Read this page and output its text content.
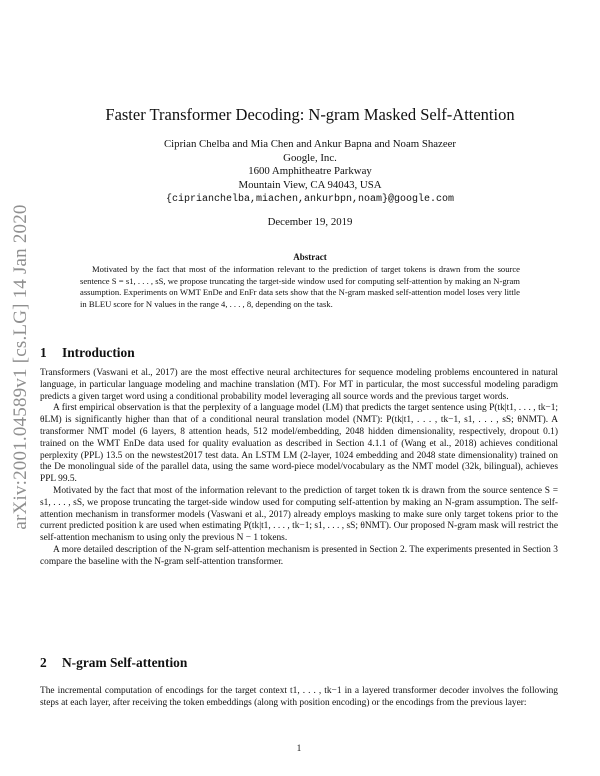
arXiv:2001.04589v1 [cs.LG] 14 Jan 2020
Faster Transformer Decoding: N-gram Masked Self-Attention
Ciprian Chelba and Mia Chen and Ankur Bapna and Noam Shazeer
Google, Inc.
1600 Amphitheatre Parkway
Mountain View, CA 94043, USA
{ciprianchelba,miachen,ankurbpn,noam}@google.com
December 19, 2019
Abstract
Motivated by the fact that most of the information relevant to the prediction of target tokens is drawn from the source sentence S = s1, . . . , sS, we propose truncating the target-side window used for computing self-attention by making an N-gram assumption. Experiments on WMT EnDe and EnFr data sets show that the N-gram masked self-attention model loses very little in BLEU score for N values in the range 4, . . . , 8, depending on the task.
1 Introduction

Transformers (Vaswani et al., 2017) are the most effective neural architectures for sequence modeling problems encountered in natural language, in particular language modeling and machine translation (MT). For MT in particular, the most successful modeling paradigm predicts a given target word using a conditional probability model leveraging all source words and the previous target words.

A first empirical observation is that the perplexity of a language model (LM) that predicts the target sentence using P(tk|t1, . . . , tk−1; θLM) is significantly higher than that of a conditional neural translation model (NMT): P(tk|t1, . . . , tk−1, s1, . . . , sS; θNMT). A transformer NMT model (6 layers, 8 attention heads, 512 model/embedding, 2048 hidden dimensionality, respectively, dropout 0.1) trained on the WMT EnDe data used for quality evaluation as described in Section 4.1.1 of (Wang et al., 2018) achieves conditional perplexity (PPL) 13.5 on the newstest2017 test data. An LSTM LM (2-layer, 1024 embedding and 2048 state dimensionality) trained on the De monolingual side of the parallel data, using the same word-piece model/vocabulary as the NMT model (32k, bilingual), achieves PPL 99.5.

Motivated by the fact that most of the information relevant to the prediction of target token tk is drawn from the source sentence S = s1, . . . , sS, we propose truncating the target-side window used for computing self-attention by making an N-gram assumption. The self-attention mechanism in transformer models (Vaswani et al., 2017) already employs masking to make sure only target tokens prior to the current predicted position k are used when estimating P(tk|t1, . . . , tk−1; s1, . . . , sS; θNMT). Our proposed N-gram mask will restrict the self-attention mechanism to using only the previous N − 1 tokens.

A more detailed description of the N-gram self-attention mechanism is presented in Section 2. The experiments presented in Section 3 compare the baseline with the N-gram self-attention transformer.

2 N-gram Self-attention

The incremental computation of encodings for the target context t1, . . . , tk−1 in a layered transformer decoder involves the following steps at each layer, after receiving the token embeddings (along with position encoding) or the encodings from the previous layer:

1
